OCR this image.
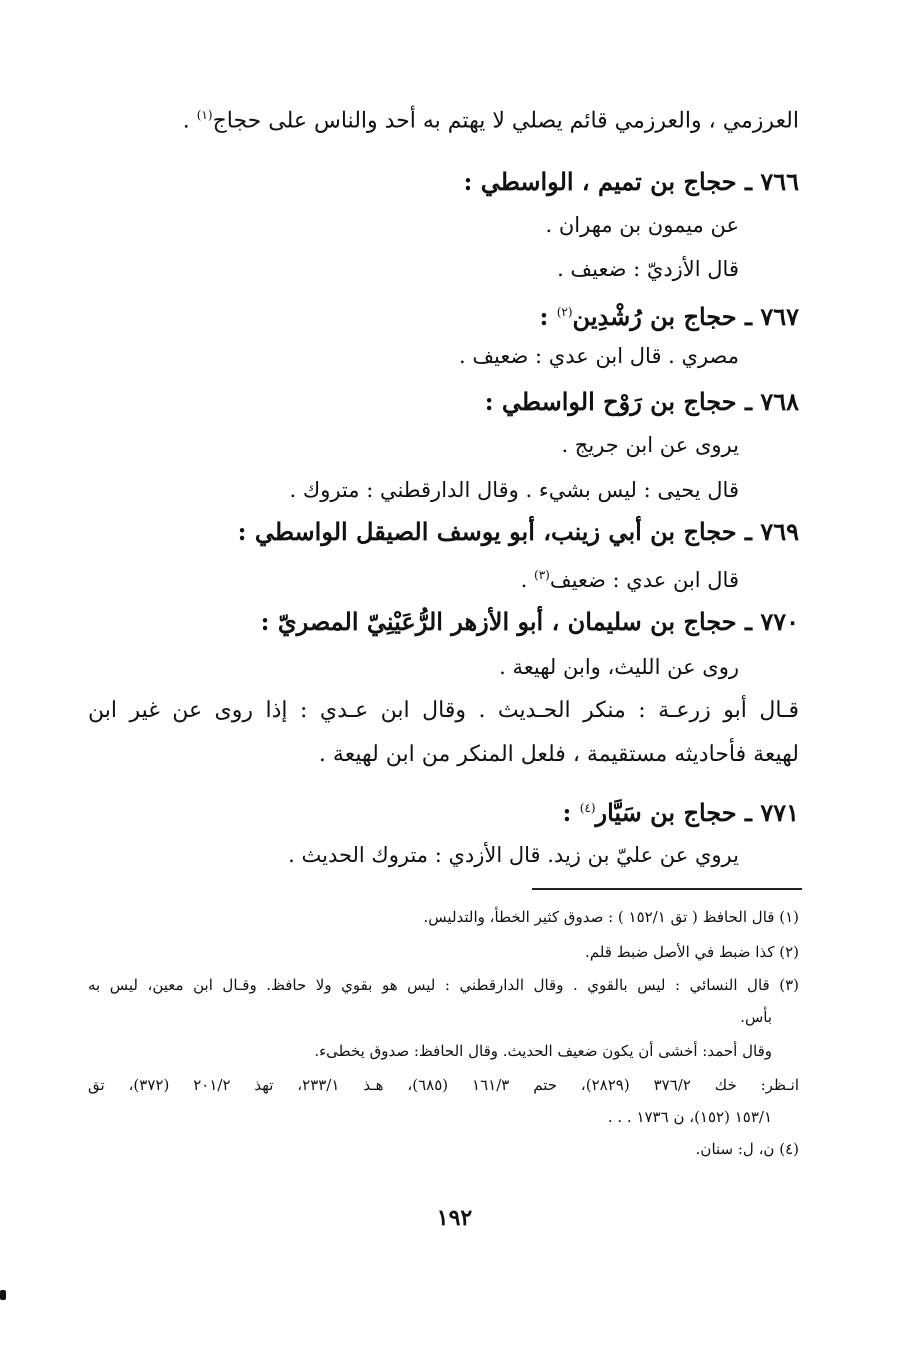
العرزمي ، والعرزمي قائم يصلي لا يهتم به أحد والناس على حجاج$^{(١)}$ .
٧٦٦ ـ حجاج بن تميم ، الواسطي :
عن ميمون بن مهران .
قال الأزديّ : ضعيف .
٧٦٧ ـ حجاج بن رُشْدِين$^{(٢)}$ :
مصري . قال ابن عدي : ضعيف .
٧٦٨ ـ حجاج بن رَوْح الواسطي :
يروى عن ابن جريج .
قال يحيى : ليس بشيء . وقال الدارقطني : متروك .
٧٦٩ ـ حجاج بن أبي زينب، أبو يوسف الصيقل الواسطي :
قال ابن عدي : ضعيف$^{(٣)}$ .
٧٧٠ ـ حجاج بن سليمان ، أبو الأزهر الرُّعَيْنِيّ المصريّ :
روى عن الليث، وابن لهيعة .
قـال أبو زرعـة : منكر الحـديث . وقال ابن عـدي : إذا روى عن غير ابن
لهيعة فأحاديثه مستقيمة ، فلعل المنكر من ابن لهيعة .
٧٧١ ـ حجاج بن سَيَّار$^{(٤)}$ :
يروي عن عليّ بن زيد. قال الأزدي : متروك الحديث .
(١) قال الحافظ ( تق ١٥٢/١ ) : صدوق كثير الخطأ، والتدليس.
(٢) كذا ضبط في الأصل ضبط قلم.
(٣) قال النسائي : ليس بالقوي . وقال الدارقطني : ليس هو بقوي ولا حافظ. وقـال ابن معين، ليس به
بأس.
وقال أحمد: أخشى أن يكون ضعيف الحديث. وقال الحافظ: صدوق يخطىء.
انـظر: خك ٣٧٦/٢ (٢٨٢٩)، حتم ١٦١/٣ (٦٨٥)، هـذ ٢٣٣/١، تهذ ٢٠١/٢ (٣٧٢)، تق
١٥٣/١ (١٥٢)، ن ١٧٣٦ . . .
(٤) ن، ل: سنان.
١٩٢
